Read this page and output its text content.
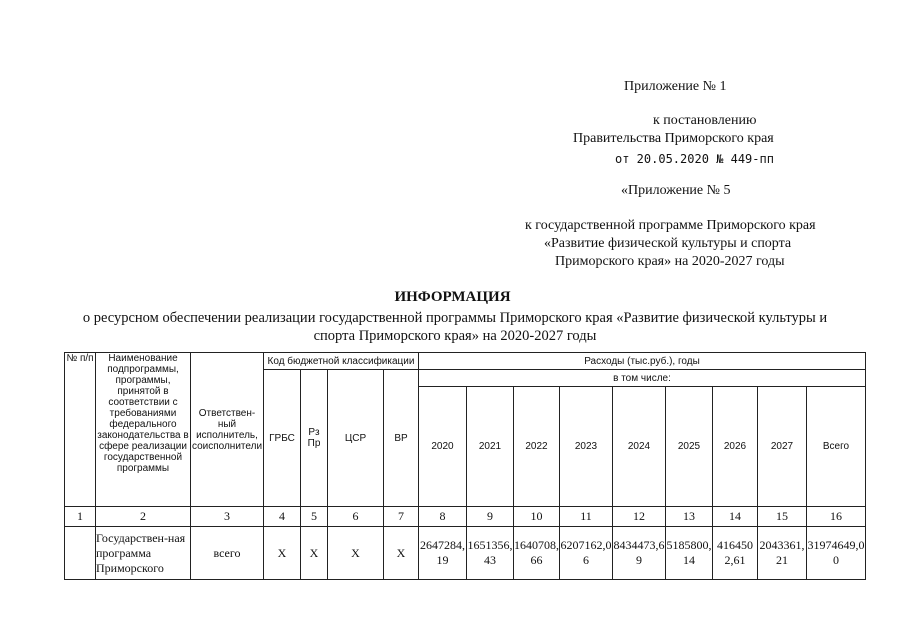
Приложение № 1
к постановлению
Правительства Приморского края
от 20.05.2020 № 449-пп
«Приложение № 5
к государственной программе Приморского края
«Развитие физической культуры и спорта
Приморского края» на 2020-2027 годы
ИНФОРМАЦИЯ
о ресурсном обеспечении реализации государственной программы Приморского края «Развитие физической культуры и
спорта Приморского края» на 2020-2027 годы
№ п/п	Наименование подпрограммы, программы, принятой в соответствии с требованиями федерального законодательства в сфере реализации государственной программы	Ответствен-ный исполнитель, соисполнители	Код бюджетной классификации				Расходы (тыс.руб.), годы								
			ГРБС	Рз Пр	ЦСР	ВР	в том числе:								
							2020	2021	2022	2023	2024	2025	2026	2027	Всего
1	2	3	4	5	6	7	8	9	10	11	12	13	14	15	16
	Государствен-ная программа Приморского	всего	Х	Х	Х	Х	2647284,19	1651356,43	1640708,66	6207162,06	8434473,69	5185800,14	4164502,61	2043361,21	31974649,00
